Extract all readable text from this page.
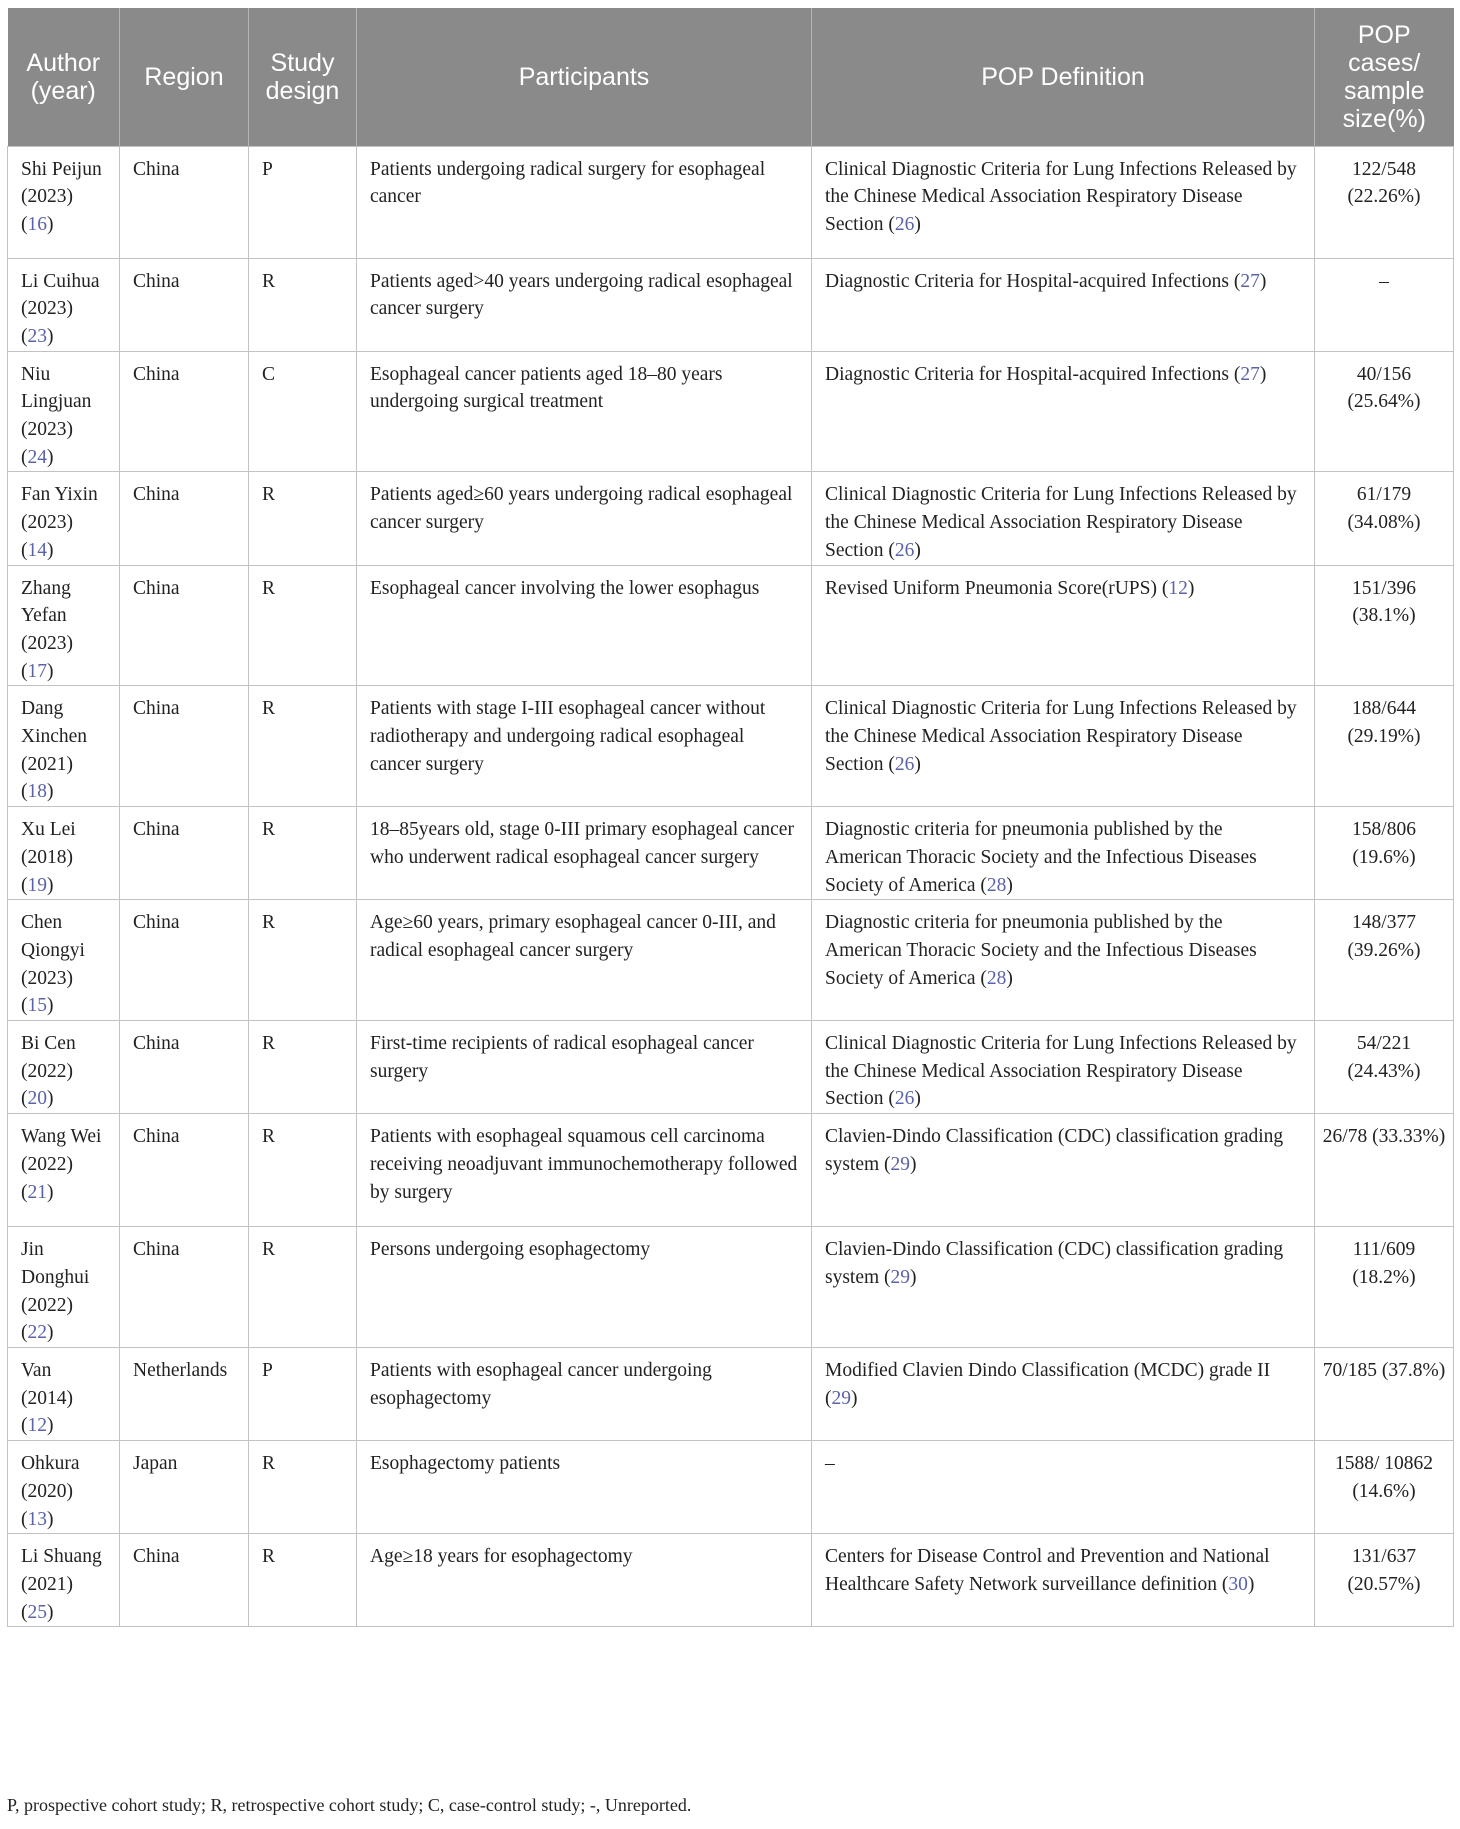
Author (year)	Region	Study design	Participants	POP Definition	POP cases/ sample size(%)
Shi Peijun (2023) (16)	China	P	Patients undergoing radical surgery for esophageal cancer	Clinical Diagnostic Criteria for Lung Infections Released by the Chinese Medical Association Respiratory Disease Section (26)	122/548 (22.26%)
Li Cuihua (2023) (23)	China	R	Patients aged>40 years undergoing radical esophageal cancer surgery	Diagnostic Criteria for Hospital-acquired Infections (27)	–
Niu Lingjuan (2023) (24)	China	C	Esophageal cancer patients aged 18–80 years undergoing surgical treatment	Diagnostic Criteria for Hospital-acquired Infections (27)	40/156 (25.64%)
Fan Yixin (2023) (14)	China	R	Patients aged≥60 years undergoing radical esophageal cancer surgery	Clinical Diagnostic Criteria for Lung Infections Released by the Chinese Medical Association Respiratory Disease Section (26)	61/179 (34.08%)
Zhang Yefan (2023) (17)	China	R	Esophageal cancer involving the lower esophagus	Revised Uniform Pneumonia Score(rUPS) (12)	151/396 (38.1%)
Dang Xinchen (2021) (18)	China	R	Patients with stage I-III esophageal cancer without radiotherapy and undergoing radical esophageal cancer surgery	Clinical Diagnostic Criteria for Lung Infections Released by the Chinese Medical Association Respiratory Disease Section (26)	188/644 (29.19%)
Xu Lei (2018) (19)	China	R	18–85years old, stage 0-III primary esophageal cancer who underwent radical esophageal cancer surgery	Diagnostic criteria for pneumonia published by the American Thoracic Society and the Infectious Diseases Society of America (28)	158/806 (19.6%)
Chen Qiongyi (2023) (15)	China	R	Age≥60 years, primary esophageal cancer 0-III, and radical esophageal cancer surgery	Diagnostic criteria for pneumonia published by the American Thoracic Society and the Infectious Diseases Society of America (28)	148/377 (39.26%)
Bi Cen (2022) (20)	China	R	First-time recipients of radical esophageal cancer surgery	Clinical Diagnostic Criteria for Lung Infections Released by the Chinese Medical Association Respiratory Disease Section (26)	54/221 (24.43%)
Wang Wei (2022) (21)	China	R	Patients with esophageal squamous cell carcinoma receiving neoadjuvant immunochemotherapy followed by surgery	Clavien-Dindo Classification (CDC) classification grading system (29)	26/78 (33.33%)
Jin Donghui (2022) (22)	China	R	Persons undergoing esophagectomy	Clavien-Dindo Classification (CDC) classification grading system (29)	111/609 (18.2%)
Van (2014) (12)	Netherlands	P	Patients with esophageal cancer undergoing esophagectomy	Modified Clavien Dindo Classification (MCDC) grade II (29)	70/185 (37.8%)
Ohkura (2020) (13)	Japan	R	Esophagectomy patients	–	1588/ 10862 (14.6%)
Li Shuang (2021) (25)	China	R	Age≥18 years for esophagectomy	Centers for Disease Control and Prevention and National Healthcare Safety Network surveillance definition (30)	131/637 (20.57%)
P, prospective cohort study; R, retrospective cohort study; C, case-control study; -, Unreported.
